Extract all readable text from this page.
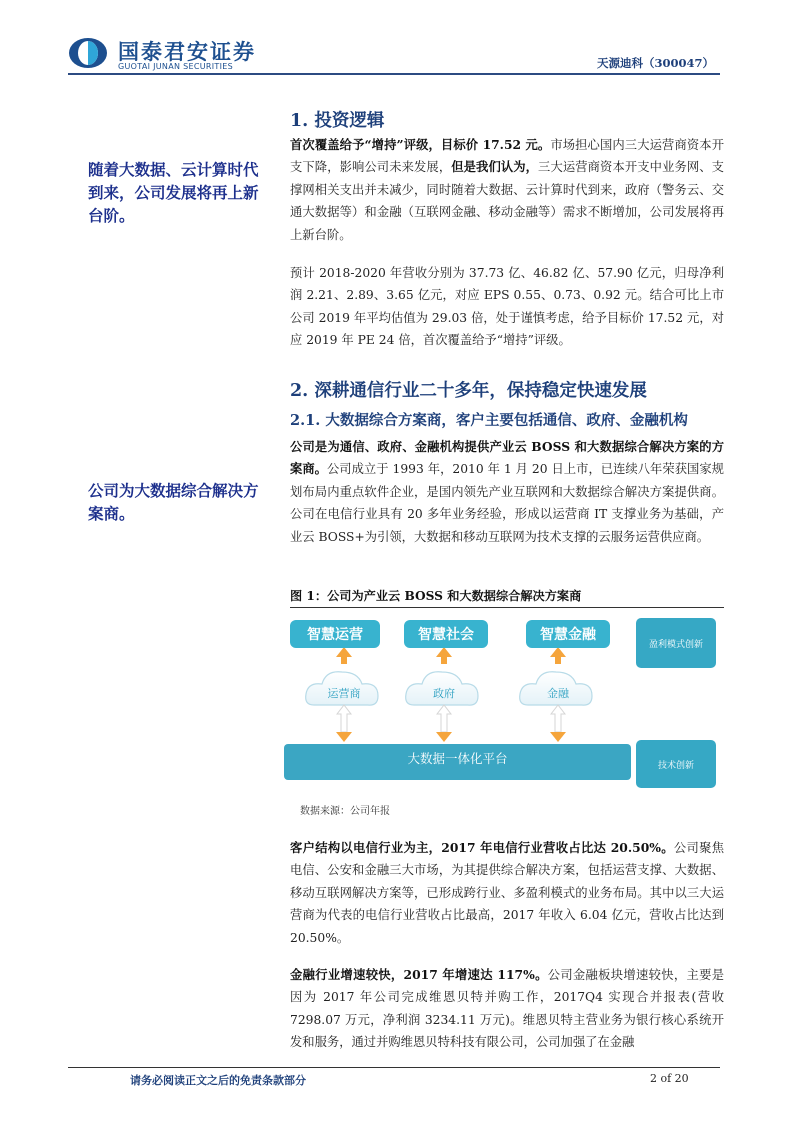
国泰君安证券
GUOTAI JUNAN SECURITIES	天源迪科（300047）
随着大数据、云计算时代到来，公司发展将再上新台阶。
公司为大数据综合解决方案商。
1. 投资逻辑
首次覆盖给予“增持”评级，目标价 17.52 元。市场担心国内三大运营商资本开支下降，影响公司未来发展，但是我们认为，三大运营商资本开支中业务网、支撑网相关支出并未减少，同时随着大数据、云计算时代到来，政府（警务云、交通大数据等）和金融（互联网金融、移动金融等）需求不断增加，公司发展将再上新台阶。
预计 2018-2020 年营收分别为 37.73 亿、46.82 亿、57.90 亿元，归母净利润 2.21、2.89、3.65 亿元，对应 EPS 0.55、0.73、0.92 元。结合可比上市公司 2019 年平均估值为 29.03 倍，处于谨慎考虑，给予目标价 17.52 元，对应 2019 年 PE 24 倍，首次覆盖给予“增持”评级。
2. 深耕通信行业二十多年，保持稳定快速发展
2.1. 大数据综合方案商，客户主要包括通信、政府、金融机构
公司是为通信、政府、金融机构提供产业云 BOSS 和大数据综合解决方案的方案商。公司成立于 1993 年，2010 年 1 月 20 日上市，已连续八年荣获国家规划布局内重点软件企业，是国内领先产业互联网和大数据综合解决方案提供商。公司在电信行业具有 20 多年业务经验，形成以运营商 IT 支撑业务为基础，产业云 BOSS+为引领，大数据和移动互联网为技术支撑的云服务运营供应商。
图 1：公司为产业云 BOSS 和大数据综合解决方案商
智慧运营	智慧社会	智慧金融
运营商	政府	金融
大数据一体化平台
盈利模式创新
技术创新
数据来源：公司年报
客户结构以电信行业为主，2017 年电信行业营收占比达 20.50%。公司聚焦电信、公安和金融三大市场，为其提供综合解决方案，包括运营支撑、大数据、移动互联网解决方案等，已形成跨行业、多盈利模式的业务布局。其中以三大运营商为代表的电信行业营收占比最高，2017 年收入 6.04 亿元，营收占比达到 20.50%。
金融行业增速较快，2017 年增速达 117%。公司金融板块增速较快，主要是因为 2017 年公司完成维恩贝特并购工作，2017Q4 实现合并报表(营收 7298.07 万元，净利润 3234.11 万元)。维恩贝特主营业务为银行核心系统开发和服务，通过并购维恩贝特科技有限公司，公司加强了在金融
请务必阅读正文之后的免责条款部分	2 of 20
